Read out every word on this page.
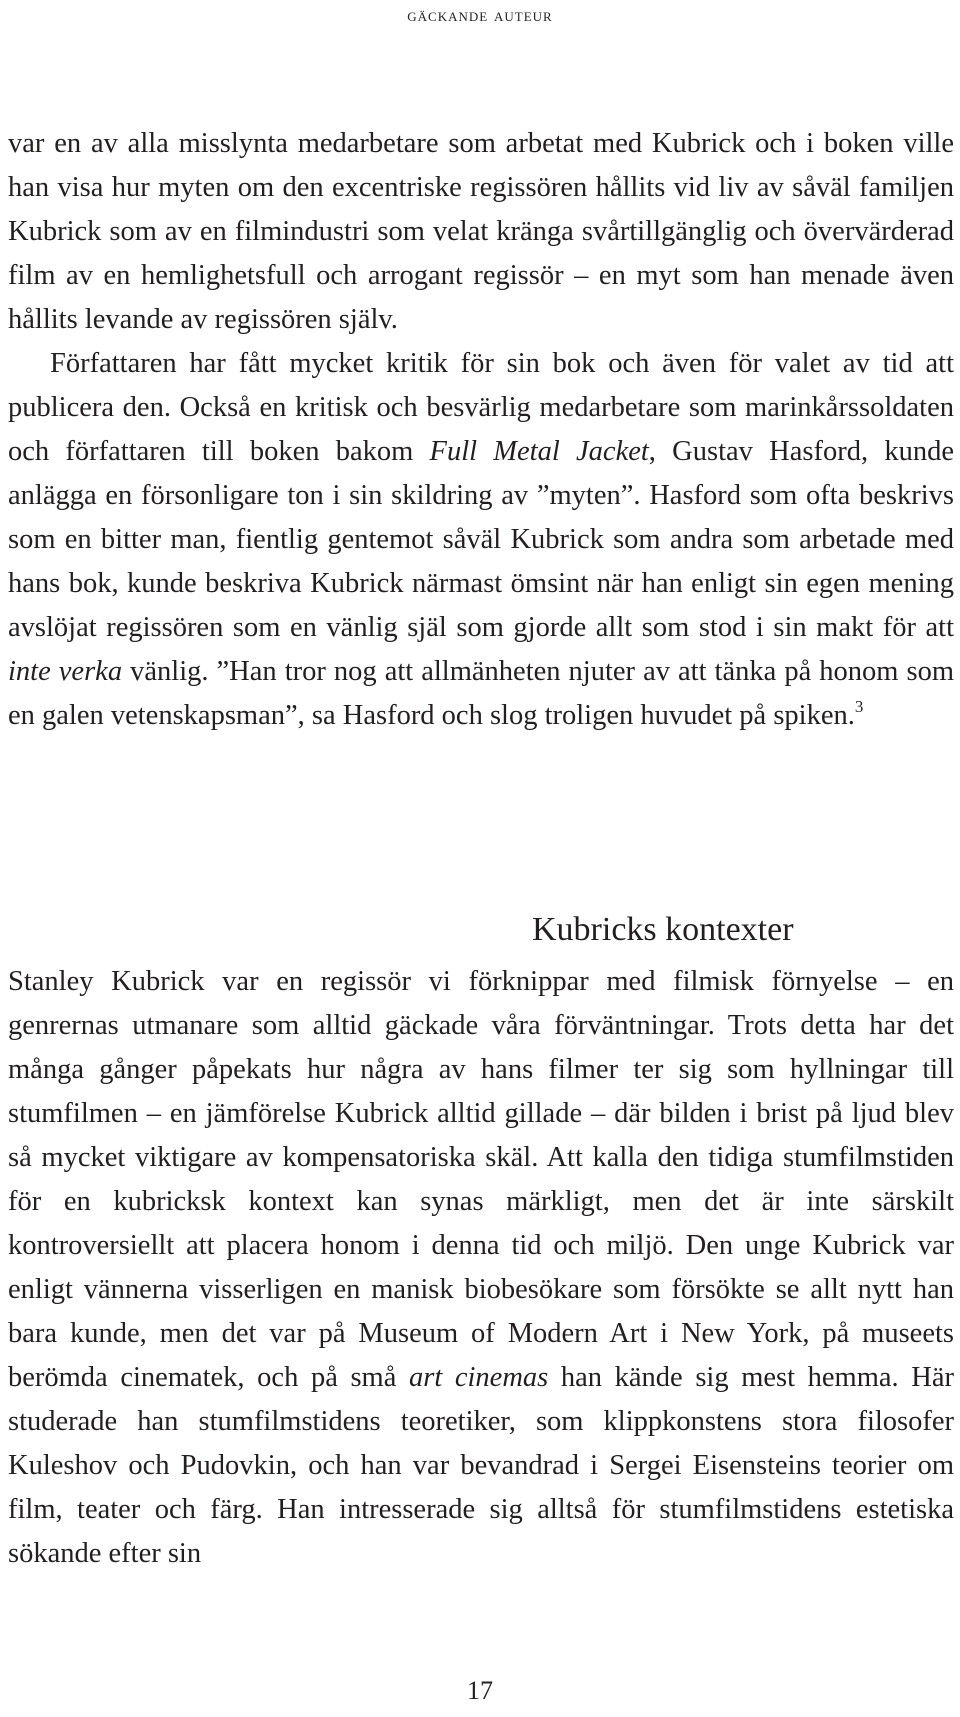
gäckande auteur

var en av alla misslynta medarbetare som arbetat med Kubrick och i boken ville han visa hur myten om den excentriske regissören hållits vid liv av såväl familjen Kubrick som av en filmindustri som velat kränga svårtillgänglig och övervärderad film av en hemlighetsfull och arrogant regissör – en myt som han menade även hållits levande av regissören själv.

Författaren har fått mycket kritik för sin bok och även för valet av tid att publicera den. Också en kritisk och besvärlig medarbetare som marinkårssoldaten och författaren till boken bakom Full Metal Jacket, Gustav Hasford, kunde anlägga en försonligare ton i sin skildring av ”myten”. Hasford som ofta beskrivs som en bitter man, fientlig gentemot såväl Kubrick som andra som arbetade med hans bok, kunde beskriva Kubrick närmast ömsint när han enligt sin egen mening avslöjat regissören som en vänlig själ som gjorde allt som stod i sin makt för att inte verka vänlig. ”Han tror nog att allmänheten njuter av att tänka på honom som en galen vetenskapsman”, sa Hasford och slog troligen huvudet på spiken.$^3$

Kubricks kontexter

Stanley Kubrick var en regissör vi förknippar med filmisk förnyelse – en genrernas utmanare som alltid gäckade våra förväntningar. Trots detta har det många gånger påpekats hur några av hans filmer ter sig som hyllningar till stumfilmen – en jämförelse Kubrick alltid gillade – där bilden i brist på ljud blev så mycket viktigare av kompensatoriska skäl. Att kalla den tidiga stumfilmstiden för en kubricksk kontext kan synas märkligt, men det är inte särskilt kontroversiellt att placera honom i denna tid och miljö. Den unge Kubrick var enligt vännerna visserligen en manisk biobesökare som försökte se allt nytt han bara kunde, men det var på Museum of Modern Art i New York, på museets berömda cinematek, och på små art cinemas han kände sig mest hemma. Här studerade han stumfilmstidens teoretiker, som klippkonstens stora filosofer Kuleshov och Pudovkin, och han var bevandrad i Sergei Eisensteins teorier om film, teater och färg. Han intresserade sig alltså för stumfilmstidens estetiska sökande efter sin

17
